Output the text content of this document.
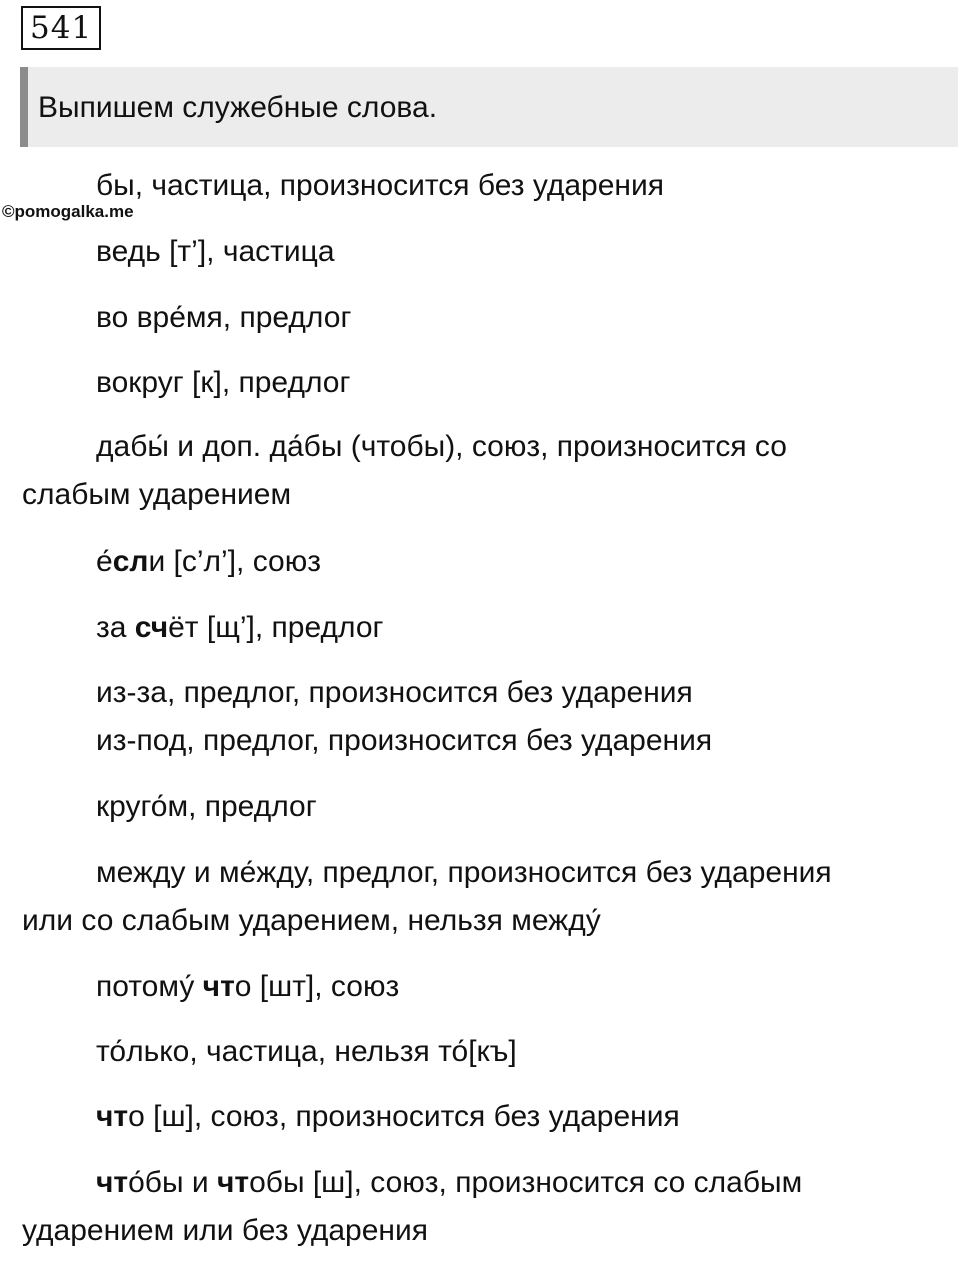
541
Выпишем служебные слова.
©pomogalka.me
бы, частица, произносится без ударения
ведь [т’], частица
во вре́мя, предлог
вокруг [к], предлог
дабы́ и доп. да́бы (чтобы), союз, произносится со
слабым ударением
е́сли [с’л’], союз
за счёт [щ’], предлог
из-за, предлог, произносится без ударения
из-под, предлог, произносится без ударения
круго́м, предлог
между и ме́жду, предлог, произносится без ударения
или со слабым ударением, нельзя между́
потому́ что [шт], союз
то́лько, частица, нельзя то́[къ]
что [ш], союз, произносится без ударения
что́бы и чтобы [ш], союз, произносится со слабым
ударением или без ударения
